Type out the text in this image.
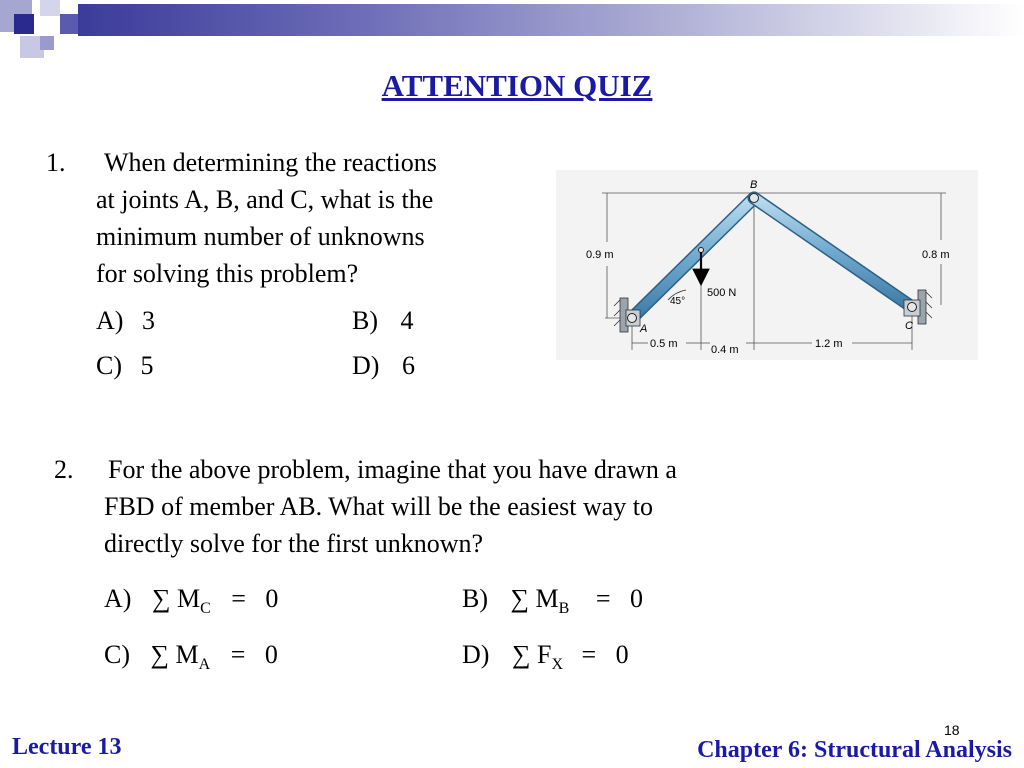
ATTENTION QUIZ
1. When determining the reactions
at joints A, B, and C, what is the
minimum number of unknowns
for solving this problem?
A) 3	B) 4
C) 5	D) 6
B
A	C
0.9 m	0.8 m
500 N
45°
0.5 m	0.4 m	1.2 m
2. For the above problem, imagine that you have drawn a
FBD of member AB. What will be the easiest way to
directly solve for the first unknown?
A) ∑ $M_C = 0$	B) ∑ $M_B = 0$
C) ∑ $M_A = 0$	D) ∑ $F_X = 0$
18
Lecture 13	Chapter 6: Structural Analysis
